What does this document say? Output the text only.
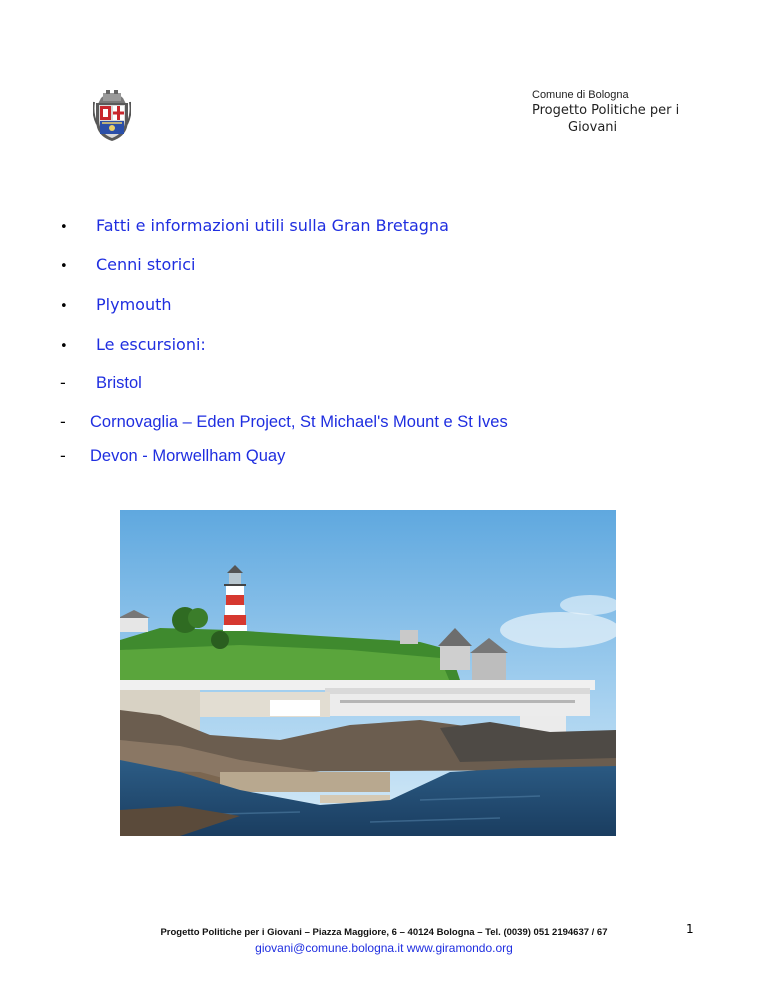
Comune di Bologna
Progetto Politiche per i
Giovani
•	Fatti e informazioni utili sulla Gran Bretagna
•	Cenni storici
•	Plymouth
•	Le escursioni:
-	Bristol
-	Cornovaglia – Eden Project, St Michael's Mount e St Ives
-	Devon - Morwellham Quay
1
Progetto Politiche per i Giovani – Piazza Maggiore, 6 – 40124 Bologna – Tel. (0039) 051 2194637 / 67
giovani@comune.bologna.it www.giramondo.org
